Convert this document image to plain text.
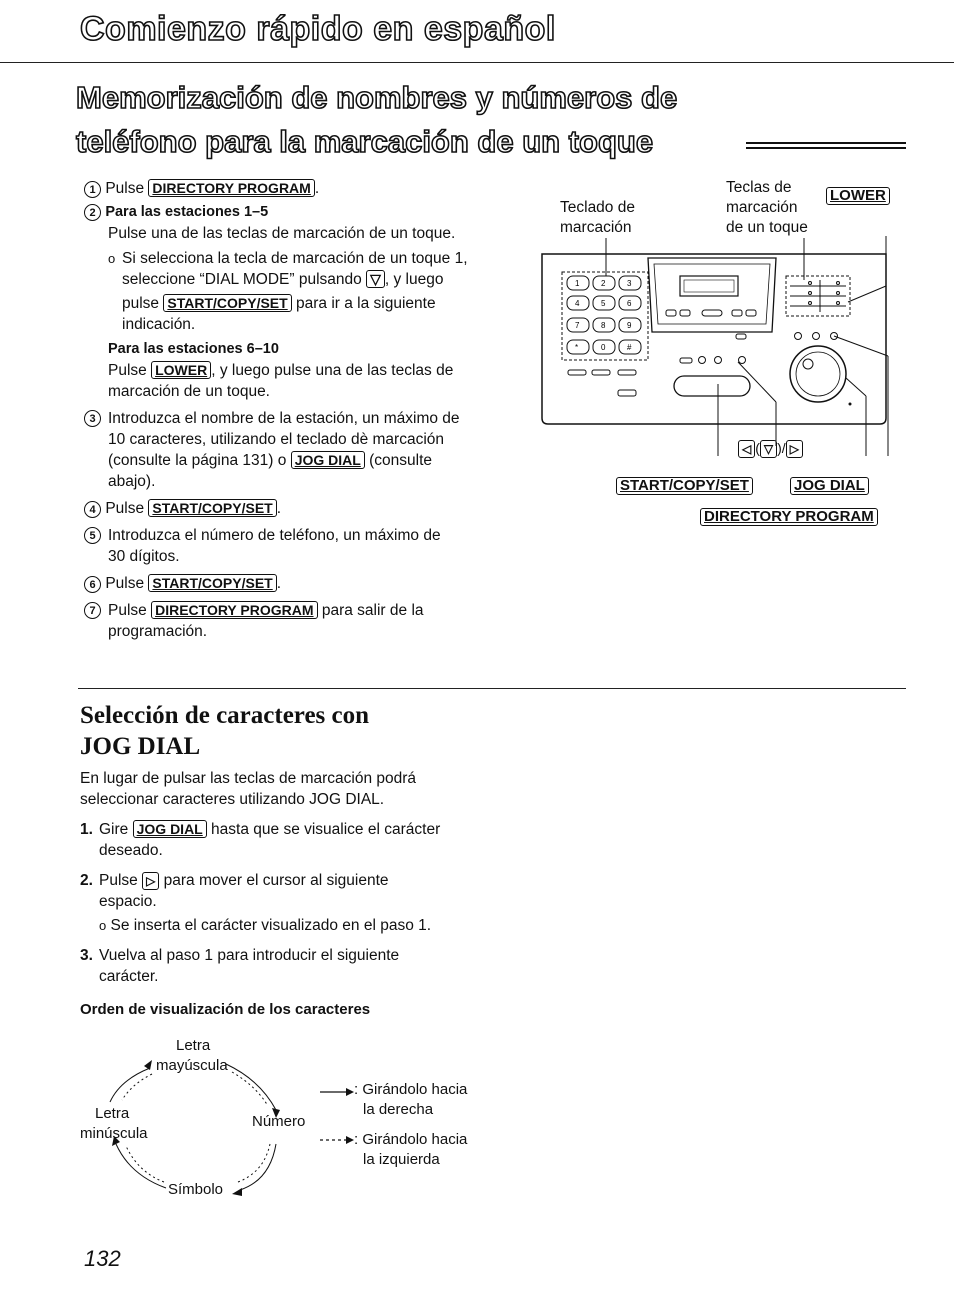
Comienzo rápido en español
Memorización de nombres y números de
teléfono para la marcación de un toque
1 Pulse DIRECTORY PROGRAM .
2 Para las estaciones 1–5
Pulse una de las teclas de marcación de un toque.
o Si selecciona la tecla de marcación de un toque 1,
seleccione “DIAL MODE” pulsando ▽ , y luego
pulse START/COPY/SET para ir a la siguiente
indicación.
Para las estaciones 6–10
Pulse LOWER , y luego pulse una de las teclas de
marcación de un toque.
3 Introduzca el nombre de la estación, un máximo de
10 caracteres, utilizando el teclado dè marcación
(consulte la página 131) o JOG DIAL (consulte
abajo).
4 Pulse START/COPY/SET .
5 Introduzca el número de teléfono, un máximo de
30 dígitos.
6 Pulse START/COPY/SET .
7 Pulse DIRECTORY PROGRAM para salir de la
programación.
Teclado de
marcación
Teclas de
marcación
de un toque
LOWER
1	2	3
4	5	6
7	8	9
*	0	#
◁ ( ▽ )/ ▷
START/COPY/SET	JOG DIAL
DIRECTORY PROGRAM
Selección de caracteres con
JOG DIAL
En lugar de pulsar las teclas de marcación podrá
seleccionar caracteres utilizando JOG DIAL.
1. Gire JOG DIAL hasta que se visualice el carácter
deseado.
2. Pulse ▷ para mover el cursor al siguiente
espacio.
o Se inserta el carácter visualizado en el paso 1.
3. Vuelva al paso 1 para introducir el siguiente
carácter.
Orden de visualización de los caracteres
Letra
mayúscula
Número
Símbolo
Letra
minúscula
: Girándolo hacia
la derecha
: Girándolo hacia
la izquierda
132
